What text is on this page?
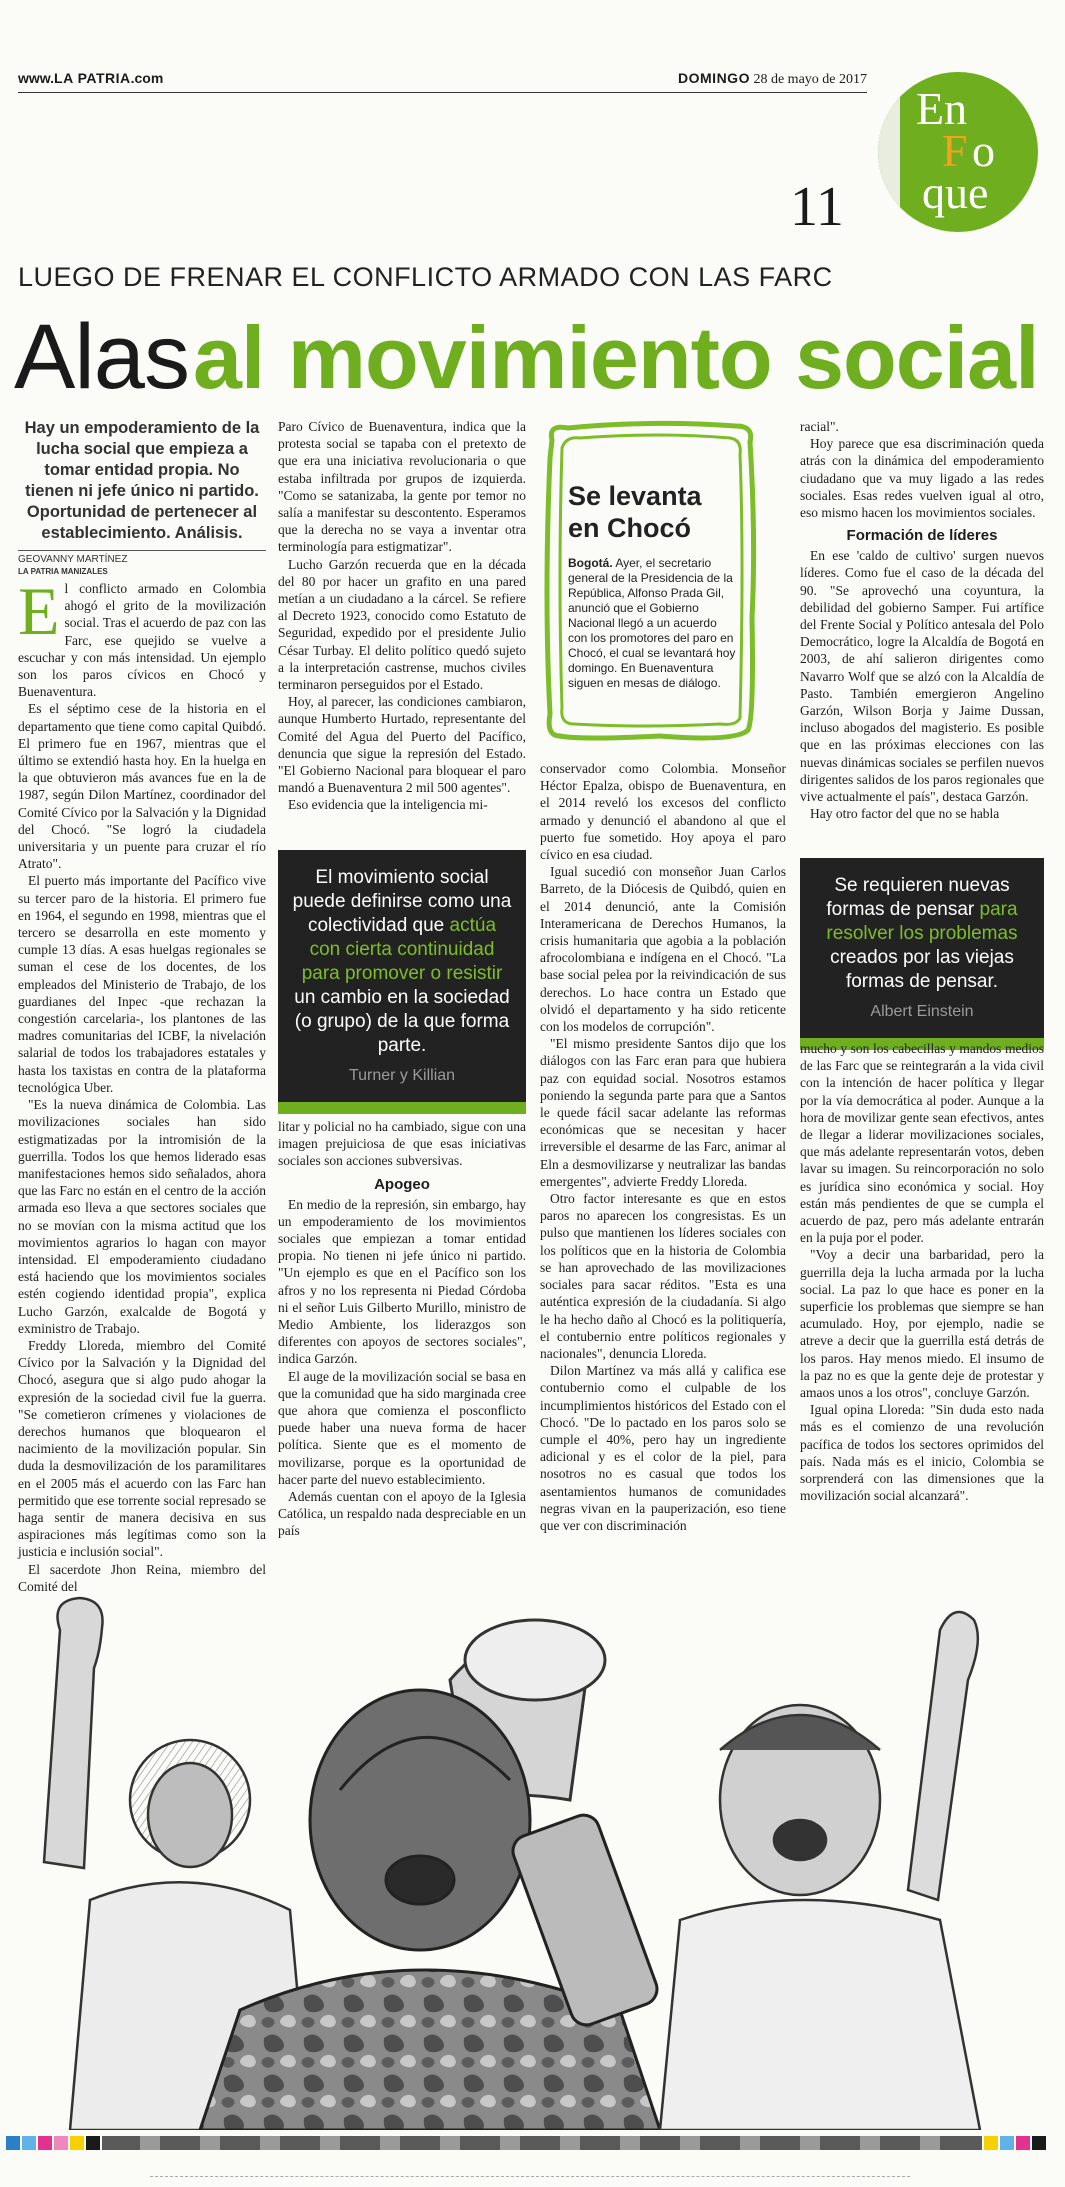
www.LA PATRIA.com	DOMINGO 28 de mayo de 2017
11
En
F o
que
LUEGO DE FRENAR EL CONFLICTO ARMADO CON LAS FARC
Alas al movimiento social
Hay un empoderamiento de la lucha social que empieza a tomar entidad propia. No tienen ni jefe único ni partido. Oportunidad de pertenecer al establecimiento. Análisis.
GEOVANNY MARTÍNEZ
LA PATRIA MANIZALES

El conflicto armado en Colombia ahogó el grito de la movilización social. Tras el acuerdo de paz con las Farc, ese quejido se vuelve a escuchar y con más intensidad. Un ejemplo son los paros cívicos en Chocó y Buenaventura.

Es el séptimo cese de la historia en el departamento que tiene como capital Quibdó. El primero fue en 1967, mientras que el último se extendió hasta hoy. En la huelga en la que obtuvieron más avances fue en la de 1987, según Dilon Martínez, coordinador del Comité Cívico por la Salvación y la Dignidad del Chocó. "Se logró la ciudadela universitaria y un puente para cruzar el río Atrato".

El puerto más importante del Pacífico vive su tercer paro de la historia. El primero fue en 1964, el segundo en 1998, mientras que el tercero se desarrolla en este momento y cumple 13 días. A esas huelgas regionales se suman el cese de los docentes, de los empleados del Ministerio de Trabajo, de los guardianes del Inpec -que rechazan la congestión carcelaria-, los plantones de las madres comunitarias del ICBF, la nivelación salarial de todos los trabajadores estatales y hasta los taxistas en contra de la plataforma tecnológica Uber.

"Es la nueva dinámica de Colombia. Las movilizaciones sociales han sido estigmatizadas por la intromisión de la guerrilla. Todos los que hemos liderado esas manifestaciones hemos sido señalados, ahora que las Farc no están en el centro de la acción armada eso lleva a que sectores sociales que no se movían con la misma actitud que los movimientos agrarios lo hagan con mayor intensidad. El empoderamiento ciudadano está haciendo que los movimientos sociales estén cogiendo identidad propia", explica Lucho Garzón, exalcalde de Bogotá y exministro de Trabajo.

Freddy Lloreda, miembro del Comité Cívico por la Salvación y la Dignidad del Chocó, asegura que si algo pudo ahogar la expresión de la sociedad civil fue la guerra. "Se cometieron crímenes y violaciones de derechos humanos que bloquearon el nacimiento de la movilización popular. Sin duda la desmovilización de los paramilitares en el 2005 más el acuerdo con las Farc han permitido que ese torrente social represado se haga sentir de manera decisiva en sus aspiraciones más legítimas como son la justicia e inclusión social".

El sacerdote Jhon Reina, miembro del Comité del

Paro Cívico de Buenaventura, indica que la protesta social se tapaba con el pretexto de que era una iniciativa revolucionaria o que estaba infiltrada por grupos de izquierda. "Como se satanizaba, la gente por temor no salía a manifestar su descontento. Esperamos que la derecha no se vaya a inventar otra terminología para estigmatizar".

Lucho Garzón recuerda que en la década del 80 por hacer un grafito en una pared metían a un ciudadano a la cárcel. Se refiere al Decreto 1923, conocido como Estatuto de Seguridad, expedido por el presidente Julio César Turbay. El delito político quedó sujeto a la interpretación castrense, muchos civiles terminaron perseguidos por el Estado.

Hoy, al parecer, las condiciones cambiaron, aunque Humberto Hurtado, representante del Comité del Agua del Puerto del Pacífico, denuncia que sigue la represión del Estado. "El Gobierno Nacional para bloquear el paro mandó a Buenaventura 2 mil 500 agentes".

Eso evidencia que la inteligencia mi-

El movimiento social puede definirse como una colectividad que actúa con cierta continuidad para promover o resistir un cambio en la sociedad (o grupo) de la que forma parte.
Turner y Killian

litar y policial no ha cambiado, sigue con una imagen prejuiciosa de que esas iniciativas sociales son acciones subversivas.

Apogeo

En medio de la represión, sin embargo, hay un empoderamiento de los movimientos sociales que empiezan a tomar entidad propia. No tienen ni jefe único ni partido. "Un ejemplo es que en el Pacífico son los afros y no los representa ni Piedad Córdoba ni el señor Luis Gilberto Murillo, ministro de Medio Ambiente, los liderazgos son diferentes con apoyos de sectores sociales", indica Garzón.

El auge de la movilización social se basa en que la comunidad que ha sido marginada cree que ahora que comienza el posconflicto puede haber una nueva forma de hacer política. Siente que es el momento de movilizarse, porque es la oportunidad de hacer parte del nuevo establecimiento.

Además cuentan con el apoyo de la Iglesia Católica, un respaldo nada despreciable en un país

Se levanta
en Chocó
Bogotá. Ayer, el secretario general de la Presidencia de la República, Alfonso Prada Gil, anunció que el Gobierno Nacional llegó a un acuerdo con los promotores del paro en Chocó, el cual se levantará hoy domingo. En Buenaventura siguen en mesas de diálogo.

conservador como Colombia. Monseñor Héctor Epalza, obispo de Buenaventura, en el 2014 reveló los excesos del conflicto armado y denunció el abandono al que el puerto fue sometido. Hoy apoya el paro cívico en esa ciudad.

Igual sucedió con monseñor Juan Carlos Barreto, de la Diócesis de Quibdó, quien en el 2014 denunció, ante la Comisión Interamericana de Derechos Humanos, la crisis humanitaria que agobia a la población afrocolombiana e indígena en el Chocó. "La base social pelea por la reivindicación de sus derechos. Lo hace contra un Estado que olvidó el departamento y ha sido reticente con los modelos de corrupción".

"El mismo presidente Santos dijo que los diálogos con las Farc eran para que hubiera paz con equidad social. Nosotros estamos poniendo la segunda parte para que a Santos le quede fácil sacar adelante las reformas económicas que se necesitan y hacer irreversible el desarme de las Farc, animar al Eln a desmovilizarse y neutralizar las bandas emergentes", advierte Freddy Lloreda.

Otro factor interesante es que en estos paros no aparecen los congresistas. Es un pulso que mantienen los líderes sociales con los políticos que en la historia de Colombia se han aprovechado de las movilizaciones sociales para sacar réditos. "Esta es una auténtica expresión de la ciudadanía. Si algo le ha hecho daño al Chocó es la politiquería, el contubernio entre políticos regionales y nacionales", denuncia Lloreda.

Dilon Martínez va más allá y califica ese contubernio como el culpable de los incumplimientos históricos del Estado con el Chocó. "De lo pactado en los paros solo se cumple el 40%, pero hay un ingrediente adicional y es el color de la piel, para nosotros no es casual que todos los asentamientos humanos de comunidades negras vivan en la pauperización, eso tiene que ver con discriminación

racial".

Hoy parece que esa discriminación queda atrás con la dinámica del empoderamiento ciudadano que va muy ligado a las redes sociales. Esas redes vuelven igual al otro, eso mismo hacen los movimientos sociales.

Formación de líderes

En ese 'caldo de cultivo' surgen nuevos líderes. Como fue el caso de la década del 90. "Se aprovechó una coyuntura, la debilidad del gobierno Samper. Fui artífice del Frente Social y Político antesala del Polo Democrático, logre la Alcaldía de Bogotá en 2003, de ahí salieron dirigentes como Navarro Wolf que se alzó con la Alcaldía de Pasto. También emergieron Angelino Garzón, Wilson Borja y Jaime Dussan, incluso abogados del magisterio. Es posible que en las próximas elecciones con las nuevas dinámicas sociales se perfilen nuevos dirigentes salidos de los paros regionales que vive actualmente el país", destaca Garzón.

Hay otro factor del que no se habla

Se requieren nuevas formas de pensar para resolver los problemas creados por las viejas formas de pensar.
Albert Einstein

mucho y son los cabecillas y mandos medios de las Farc que se reintegrarán a la vida civil con la intención de hacer política y llegar por la vía democrática al poder. Aunque a la hora de movilizar gente sean efectivos, antes de llegar a liderar movilizaciones sociales, que más adelante representarán votos, deben lavar su imagen. Su reincorporación no solo es jurídica sino económica y social. Hoy están más pendientes de que se cumpla el acuerdo de paz, pero más adelante entrarán en la puja por el poder.

"Voy a decir una barbaridad, pero la guerrilla deja la lucha armada por la lucha social. La paz lo que hace es poner en la superficie los problemas que siempre se han acumulado. Hoy, por ejemplo, nadie se atreve a decir que la guerrilla está detrás de los paros. Hay menos miedo. El insumo de la paz no es que la gente deje de protestar y amaos unos a los otros", concluye Garzón.

Igual opina Lloreda: "Sin duda esto nada más es el comienzo de una revolución pacífica de todos los sectores oprimidos del país. Nada más es el inicio, Colombia se sorprenderá con las dimensiones que la movilización social alcanzará".
